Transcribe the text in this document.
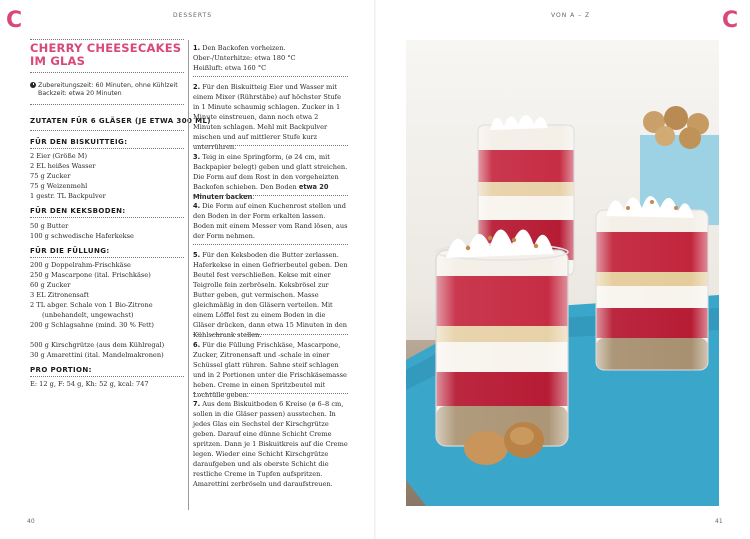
C	C
DESSERTS	VON A – Z
40	41
CHERRY CHEESECAKES
IM GLAS
Zubereitungszeit: 60 Minuten, ohne Kühlzeit
Backzeit: etwa 20 Minuten
ZUTATEN FÜR 6 GLÄSER (JE ETWA 300 ML)
FÜR DEN BISKUITTEIG:
2 Eier (Größe M)
2 EL heißes Wasser
75 g Zucker
75 g Weizenmehl
1 gestr. TL Backpulver
FÜR DEN KEKSBODEN:
50 g Butter
100 g schwedische Haferkekse
FÜR DIE FÜLLUNG:
200 g Doppelrahm-Frischkäse
250 g Mascarpone (ital. Frischkäse)
60 g Zucker
3 EL Zitronensaft
2 TL abger. Schale von 1 Bio-Zitrone
(unbehandelt, ungewachst)
200 g Schlagsahne (mind. 30 % Fett)
500 g Kirschgrütze (aus dem Kühlregal)
30 g Amarettini (ital. Mandelmakronen)
PRO PORTION:
E: 12 g, F: 54 g, Kh: 52 g, kcal: 747
1. Den Backofen vorheizen.
Ober-/Unterhitze: etwa 180 °C
Heißluft: etwa 160 °C
2. Für den Biskuitteig Eier und Wasser mit einem Mixer (Rührstäbe) auf höchster Stufe in 1 Minute schaumig schlagen. Zucker in 1 Minute einstreuen, dann noch etwa 2 Minuten schlagen. Mehl mit Backpulver mischen und auf mittlerer Stufe kurz unterrühren.
3. Teig in eine Springform, (ø 24 cm, mit Backpapier belegt) geben und glatt streichen. Die Form auf dem Rost in den vorgeheizten Backofen schieben. Den Boden etwa 20 Minuten backen.
4. Die Form auf einen Kuchenrost stellen und den Boden in der Form erkalten lassen. Boden mit einem Messer vom Rand lösen, aus der Form nehmen.
5. Für den Keksboden die Butter zerlassen. Haferkekse in einen Gefrierbeutel geben. Den Beutel fest verschließen. Kekse mit einer Teigrolle fein zerbröseln. Keksbrösel zur Butter geben, gut vermischen. Masse gleichmäßig in den Gläsern verteilen. Mit einem Löffel fest zu einem Boden in die Gläser drücken, dann etwa 15 Minuten in den Kühlschrank stellen.
6. Für die Füllung Frischkäse, Mascarpone, Zucker, Zitronensaft und -schale in einer Schüssel glatt rühren. Sahne steif schlagen und in 2 Portionen unter die Frischkäsemasse heben. Creme in einen Spritzbeutel mit Lochtülle geben.
7. Aus dem Biskuitboden 6 Kreise (ø 6–8 cm, sollen in die Gläser passen) ausstechen. In jedes Glas ein Sechstel der Kirschgrütze geben. Darauf eine dünne Schicht Creme spritzen. Dann je 1 Biskuitkreis auf die Creme legen. Wieder eine Schicht Kirschgrütze daraufgeben und als oberste Schicht die restliche Creme in Tupfen aufspritzen. Amarettini zerbröseln und daraufstreuen.
